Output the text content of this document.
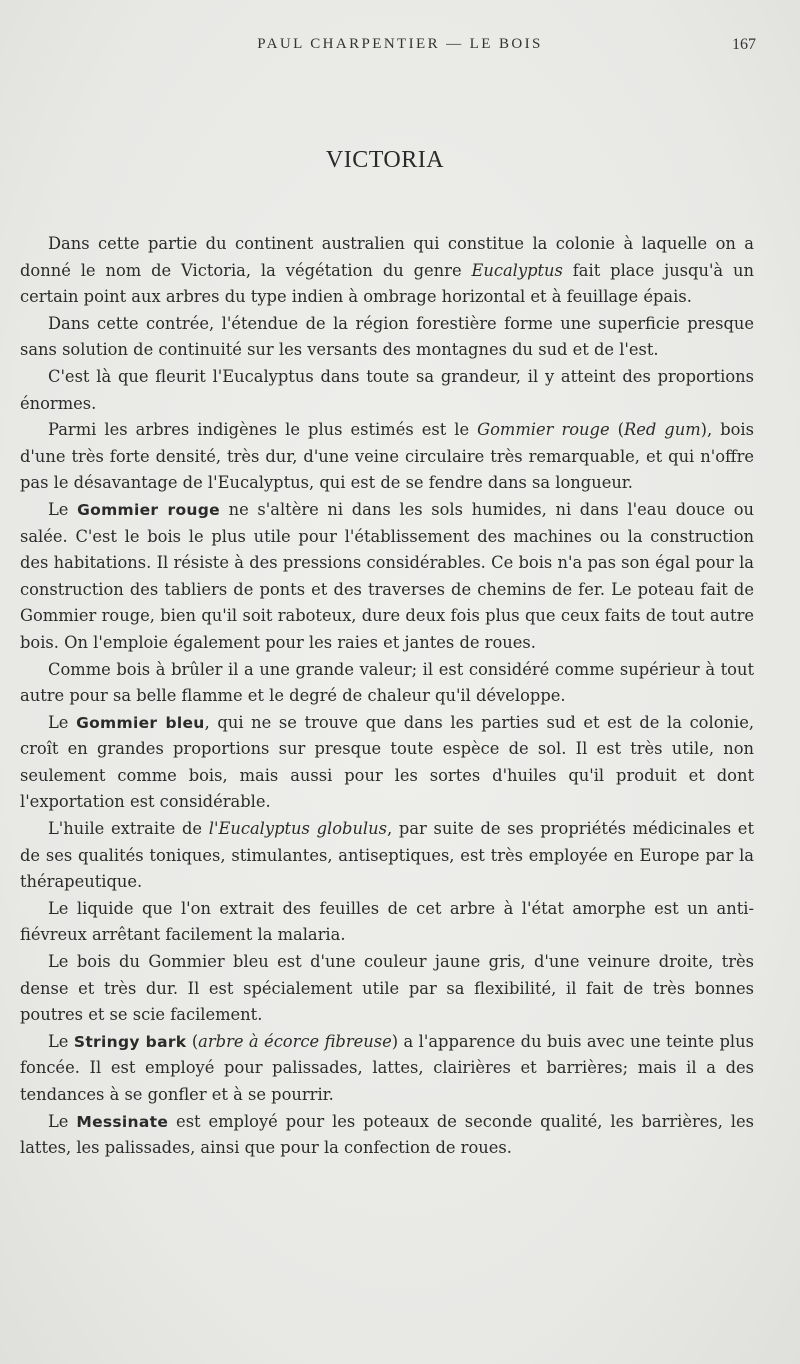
PAUL CHARPENTIER — LE BOIS	167
VICTORIA

Dans cette partie du continent australien qui constitue la colonie à laquelle on a donné le nom de Victoria, la végétation du genre Eucalyptus fait place jusqu'à un certain point aux arbres du type indien à ombrage horizontal et à feuillage épais.

Dans cette contrée, l'étendue de la région forestière forme une superficie presque sans solution de continuité sur les versants des montagnes du sud et de l'est.

C'est là que fleurit l'Eucalyptus dans toute sa grandeur, il y atteint des proportions énormes.

Parmi les arbres indigènes le plus estimés est le Gommier rouge (Red gum), bois d'une très forte densité, très dur, d'une veine circulaire très remarquable, et qui n'offre pas le désavantage de l'Eucalyptus, qui est de se fendre dans sa longueur.

Le Gommier rouge ne s'altère ni dans les sols humides, ni dans l'eau douce ou salée. C'est le bois le plus utile pour l'établissement des machines ou la construction des habitations. Il résiste à des pressions considérables. Ce bois n'a pas son égal pour la construction des tabliers de ponts et des traverses de chemins de fer. Le poteau fait de Gommier rouge, bien qu'il soit raboteux, dure deux fois plus que ceux faits de tout autre bois. On l'emploie également pour les raies et jantes de roues.

Comme bois à brûler il a une grande valeur; il est considéré comme supérieur à tout autre pour sa belle flamme et le degré de chaleur qu'il développe.

Le Gommier bleu, qui ne se trouve que dans les parties sud et est de la colonie, croît en grandes proportions sur presque toute espèce de sol. Il est très utile, non seulement comme bois, mais aussi pour les sortes d'huiles qu'il produit et dont l'exportation est considérable.

L'huile extraite de l'Eucalyptus globulus, par suite de ses propriétés médicinales et de ses qualités toniques, stimulantes, antiseptiques, est très employée en Europe par la thérapeutique.

Le liquide que l'on extrait des feuilles de cet arbre à l'état amorphe est un anti-fiévreux arrêtant facilement la malaria.

Le bois du Gommier bleu est d'une couleur jaune gris, d'une veinure droite, très dense et très dur. Il est spécialement utile par sa flexibilité, il fait de très bonnes poutres et se scie facilement.

Le Stringy bark (arbre à écorce fibreuse) a l'apparence du buis avec une teinte plus foncée. Il est employé pour palissades, lattes, clairières et barrières; mais il a des tendances à se gonfler et à se pourrir.

Le Messinate est employé pour les poteaux de seconde qualité, les barrières, les lattes, les palissades, ainsi que pour la confection de roues.
